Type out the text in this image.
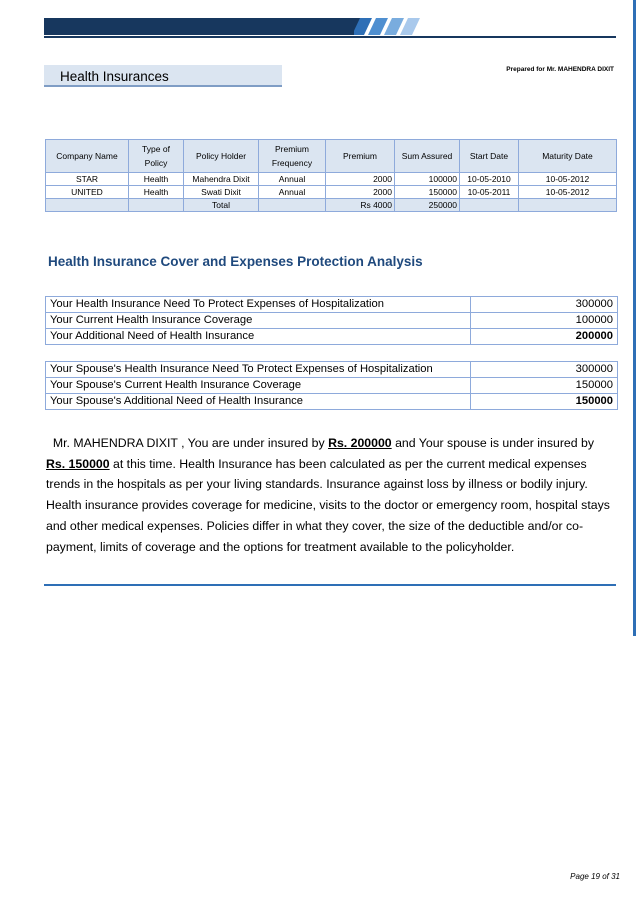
Prepared for Mr. MAHENDRA DIXIT
Health Insurances
Company Name	Type of Policy	Policy Holder	Premium Frequency	Premium	Sum Assured	Start Date	Maturity Date
STAR	Health	Mahendra Dixit	Annual	2000	100000	10-05-2010	10-05-2012
UNITED	Health	Swati Dixit	Annual	2000	150000	10-05-2011	10-05-2012
		Total		Rs 4000	250000		
Health Insurance Cover and Expenses Protection Analysis
Your Health Insurance Need To Protect Expenses of Hospitalization	300000
Your Current Health Insurance Coverage	100000
Your Additional Need of Health Insurance	200000
Your Spouse's Health Insurance Need To Protect Expenses of Hospitalization	300000
Your Spouse's Current Health Insurance Coverage	150000
Your Spouse's Additional Need of Health Insurance	150000

Mr. MAHENDRA DIXIT , You are under insured by Rs. 200000 and Your spouse is under insured by Rs. 150000 at this time. Health Insurance has been calculated as per the current medical expenses trends in the hospitals as per your living standards. Insurance against loss by illness or bodily injury. Health insurance provides coverage for medicine, visits to the doctor or emergency room, hospital stays and other medical expenses. Policies differ in what they cover, the size of the deductible and/or co-payment, limits of coverage and the options for treatment available to the policyholder.

Page 19 of 31
